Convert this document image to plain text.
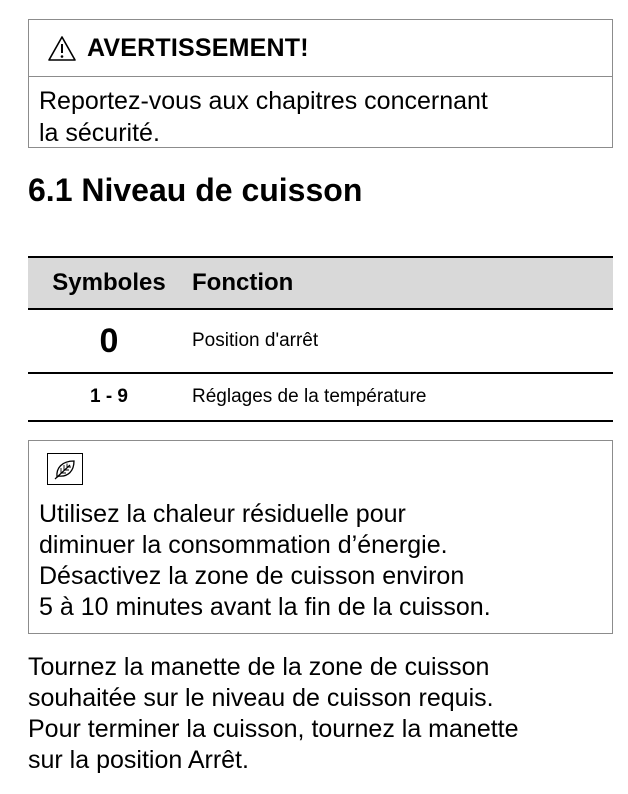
AVERTISSEMENT!
Reportez-vous aux chapitres concernant
la sécurité.
6.1 Niveau de cuisson
Symboles	Fonction
0	Position d'arrêt
1 - 9	Réglages de la température
Utilisez la chaleur résiduelle pour
diminuer la consommation d’énergie.
Désactivez la zone de cuisson environ
5 à 10 minutes avant la fin de la cuisson.
Tournez la manette de la zone de cuisson
souhaitée sur le niveau de cuisson requis.
Pour terminer la cuisson, tournez la manette
sur la position Arrêt.
